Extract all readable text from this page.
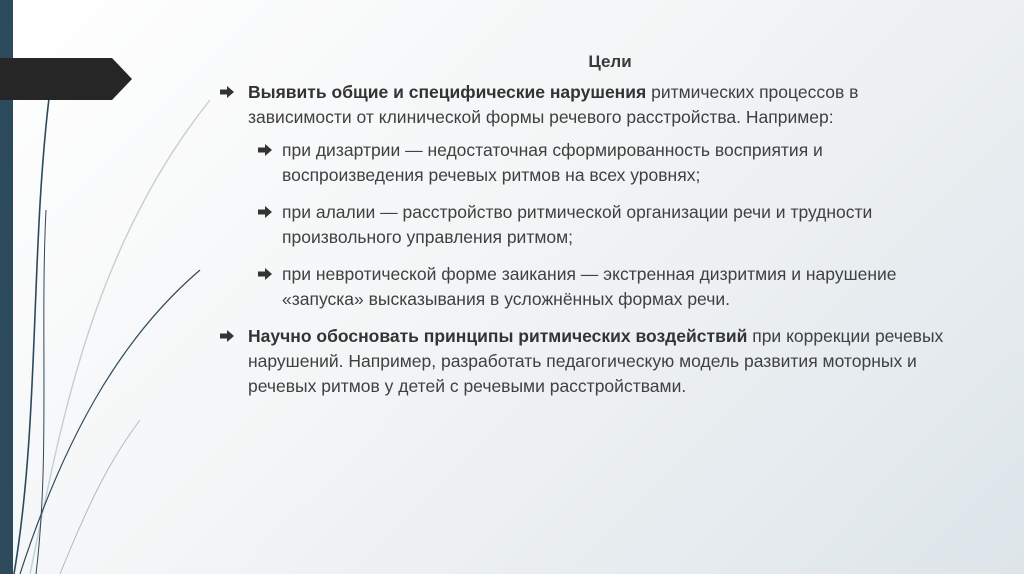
Цели
Выявить общие и специфические нарушения ритмических процессов в зависимости от клинической формы речевого расстройства. Например:
при дизартрии — недостаточная сформированность восприятия и воспроизведения речевых ритмов на всех уровнях;
при алалии — расстройство ритмической организации речи и трудности произвольного управления ритмом;
при невротической форме заикания — экстренная дизритмия и нарушение «запуска» высказывания в усложнённых формах речи.
Научно обосновать принципы ритмических воздействий при коррекции речевых нарушений. Например, разработать педагогическую модель развития моторных и речевых ритмов у детей с речевыми расстройствами.
